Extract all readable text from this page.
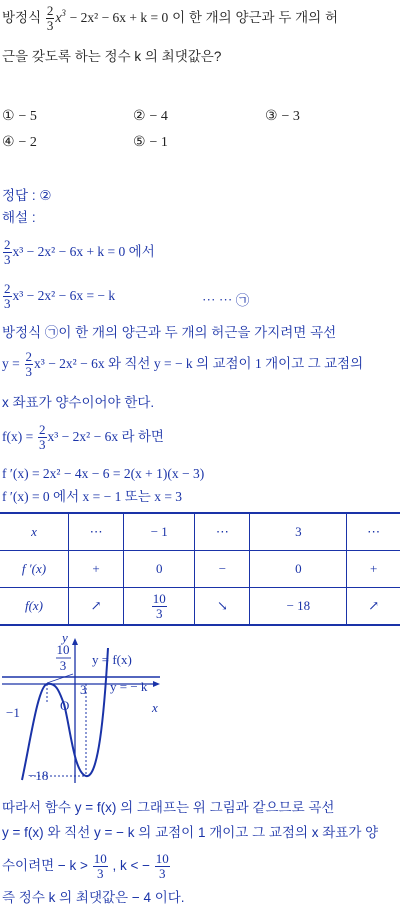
방정식 $\frac{2}{3} x^3 - 2x^2 - 6x + k = 0$ 이 한 개의 양근과 두 개의 허
근을 갖도록 하는 정수 k 의 최댓값은?
① − 5	② − 4	③ − 3
④ − 2	⑤ − 1
정답 : ②
해설 :
$\frac{2}{3} x^3 - 2x^2 - 6x + k = 0$ 에서
$\frac{2}{3} x^3 - 2x^2 - 6x$ = − k	⋯ ⋯ ㉠
방정식 ㉠이 한 개의 양근과 두 개의 허근을 가지려면 곡선
$y = \frac{2}{3} x^3 - 2x^2 - 6x$ 와 직선 y = − k 의 교점이 1 개이고 그 교점의
x 좌표가 양수이어야 한다.
$f(x) = \frac{2}{3} x^3 - 2x^2 - 6x$ 라 하면
f ′(x) = 2x² − 4x − 6 = 2(x + 1)(x − 3)
f ′(x) = 0 에서 x = − 1 또는 x = 3
x	⋯	− 1	⋯	3	⋯
f ′(x)	+	0	−	0	+
f(x)	↗	$\frac{10}{3}$	↘	− 18	↗
y
x
10
3 y = f(x)
y = − k
3
O
−1
−18
따라서 함수 y = f(x) 의 그래프는 위 그림과 같으므로 곡선
y = f(x) 와 직선 y = − k 의 교점이 1 개이고 그 교점의 x 좌표가 양
수이려면 − $k > \frac{10}{3}$ , k < − $\frac{10}{3}$
즉 정수 k 의 최댓값은 − 4 이다.
